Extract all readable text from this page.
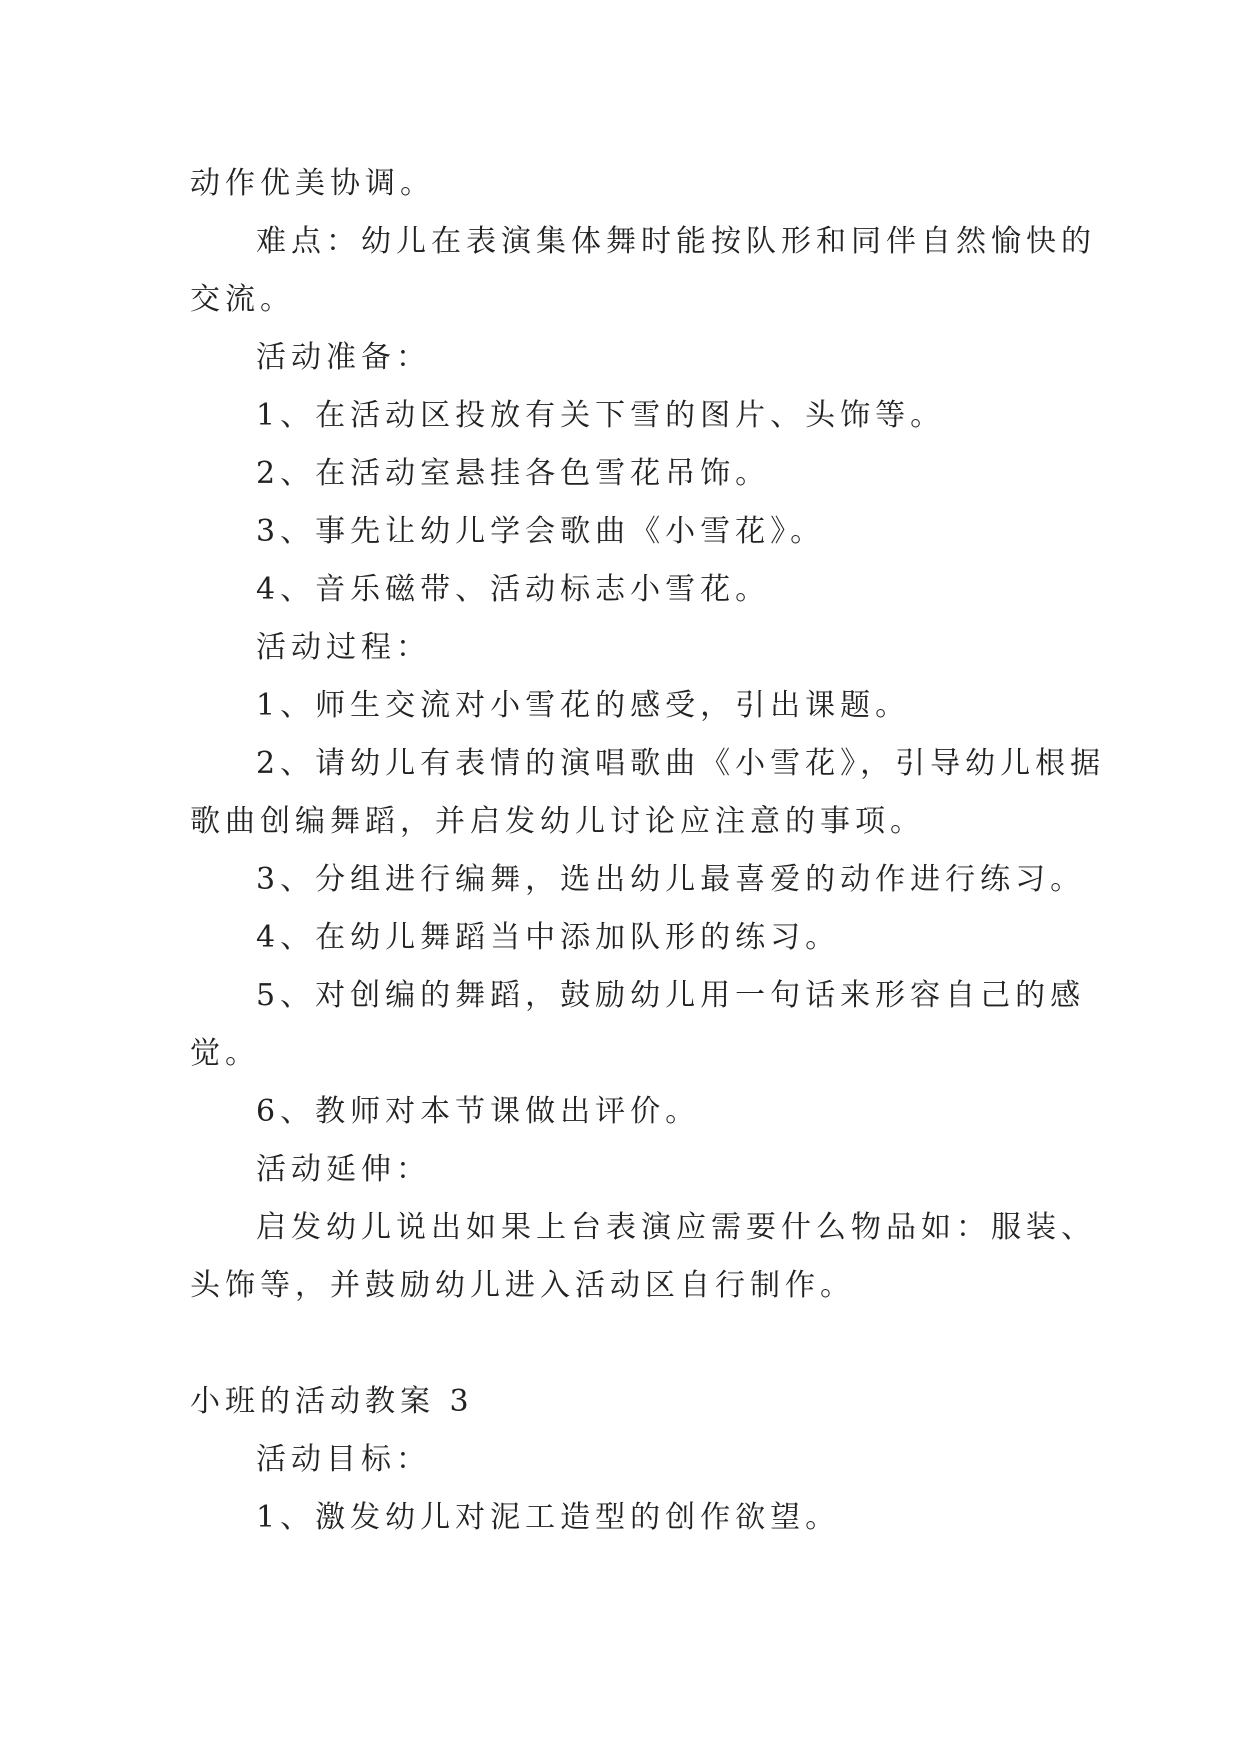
动作优美协调。
难点：幼儿在表演集体舞时能按队形和同伴自然愉快的
交流。
活动准备：
1、在活动区投放有关下雪的图片、头饰等。
2、在活动室悬挂各色雪花吊饰。
3、事先让幼儿学会歌曲《小雪花》。
4、音乐磁带、活动标志小雪花。
活动过程：
1、师生交流对小雪花的感受，引出课题。
2、请幼儿有表情的演唱歌曲《小雪花》，引导幼儿根据
歌曲创编舞蹈，并启发幼儿讨论应注意的事项。
3、分组进行编舞，选出幼儿最喜爱的动作进行练习。
4、在幼儿舞蹈当中添加队形的练习。
5、对创编的舞蹈，鼓励幼儿用一句话来形容自己的感
觉。
6、教师对本节课做出评价。
活动延伸：
启发幼儿说出如果上台表演应需要什么物品如：服装、
头饰等，并鼓励幼儿进入活动区自行制作。
小班的活动教案 3
活动目标：
1、激发幼儿对泥工造型的创作欲望。
